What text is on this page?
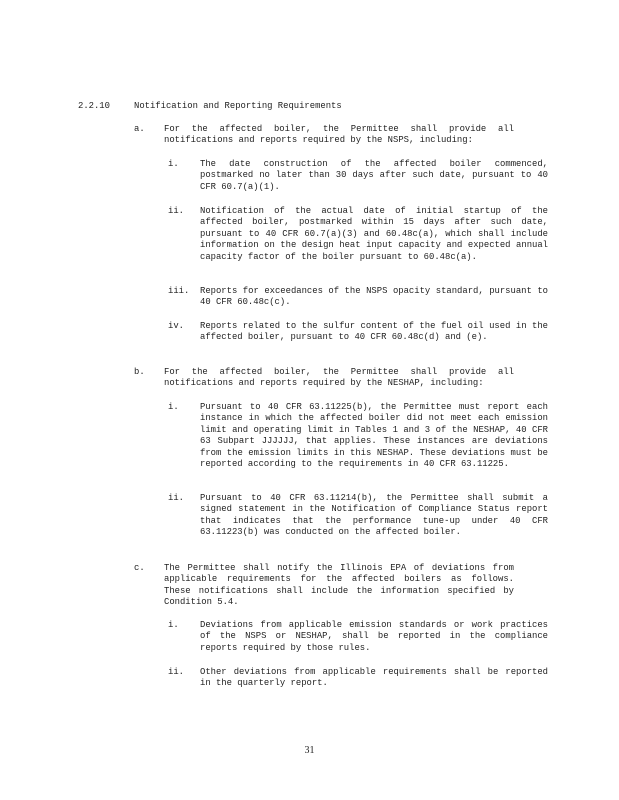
2.2.10	Notification and Reporting Requirements
a. For the affected boiler, the Permittee shall provide all notifications and reports required by the NSPS, including:

i. The date construction of the affected boiler commenced, postmarked no later than 30 days after such date, pursuant to 40 CFR 60.7(a)(1).

ii. Notification of the actual date of initial startup of the affected boiler, postmarked within 15 days after such date, pursuant to 40 CFR 60.7(a)(3) and 60.48c(a), which shall include information on the design heat input capacity and expected annual capacity factor of the boiler pursuant to 60.48c(a).

iii. Reports for exceedances of the NSPS opacity standard, pursuant to 40 CFR 60.48c(c).

iv. Reports related to the sulfur content of the fuel oil used in the affected boiler, pursuant to 40 CFR 60.48c(d) and (e).

b. For the affected boiler, the Permittee shall provide all notifications and reports required by the NESHAP, including:

i. Pursuant to 40 CFR 63.11225(b), the Permittee must report each instance in which the affected boiler did not meet each emission limit and operating limit in Tables 1 and 3 of the NESHAP, 40 CFR 63 Subpart JJJJJJ, that applies. These instances are deviations from the emission limits in this NESHAP. These deviations must be reported according to the requirements in 40 CFR 63.11225.

ii. Pursuant to 40 CFR 63.11214(b), the Permittee shall submit a signed statement in the Notification of Compliance Status report that indicates that the performance tune-up under 40 CFR 63.11223(b) was conducted on the affected boiler.

c. The Permittee shall notify the Illinois EPA of deviations from applicable requirements for the affected boilers as follows. These notifications shall include the information specified by Condition 5.4.

i. Deviations from applicable emission standards or work practices of the NSPS or NESHAP, shall be reported in the compliance reports required by those rules.

ii. Other deviations from applicable requirements shall be reported in the quarterly report.

31
